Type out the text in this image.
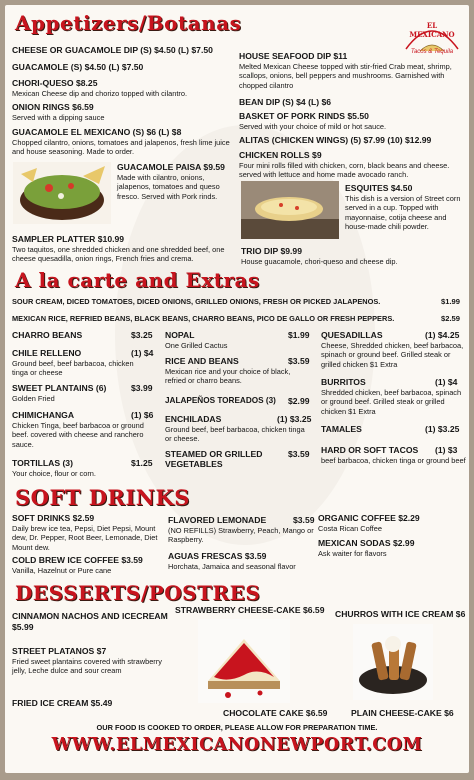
Appetizers/Botanas	EL MEXICANO
Tacos & Tequila
CHEESE OR GUACAMOLE DIP (S) $4.50 (L) $7.50
GUACAMOLE (S) $4.50 (L) $7.50
CHORI-QUESO $8.25
Mexican Cheese dip and chorizo topped with cilantro.
ONION RINGS $6.59
Served with a dipping sauce
GUACAMOLE EL MEXICANO (S) $6 (L) $8
Chopped cilantro, onions, tomatoes and jalapenos, fresh lime juice and house seasoning. Made to order.
GUACAMOLE PAISA $9.59
Made with cilantro, onions, jalapenos, tomatoes and queso fresco. Served with Pork rinds.
SAMPLER PLATTER $10.99
Two taquitos, one shredded chicken and one shredded beef, one cheese quesadilla, onion rings, French fries and crema.
HOUSE SEAFOOD DIP $11
Melted Mexican Cheese topped with stir-fried Crab meat, shrimp, scallops, onions, bell peppers and mushrooms. Garnished with chopped cilantro
BEAN DIP (S) $4 (L) $6
BASKET OF PORK RINDS $5.50
Served with your choice of mild or hot sauce.
ALITAS (CHICKEN WINGS) (5) $7.99 (10) $12.99
CHICKEN ROLLS $9
Four mini rolls filled with chicken, corn, black beans and cheese. served with lettuce and home made avocado ranch.
ESQUITES $4.50
This dish is a version of Street corn served in a cup. Topped with mayonnaise, cotija cheese and house-made chili powder.
TRIO DIP $9.99
House guacamole, chori-queso and cheese dip.
A la carte and Extras
SOUR CREAM, DICED TOMATOES, DICED ONIONS, GRILLED ONIONS, FRESH OR PICKED JALAPENOS.	$1.99
MEXICAN RICE, REFRIED BEANS, BLACK BEANS, CHARRO BEANS, PICO DE GALLO OR FRESH PEPPERS.	$2.59
CHARRO BEANS	$3.25
CHILE RELLENO	(1) $4
Ground beef, beef barbacoa, chicken tinga or cheese
SWEET PLANTAINS (6)	$3.99
Golden Fried
CHIMICHANGA	(1) $6
Chicken Tinga, beef barbacoa or ground beef. covered with cheese and ranchero sauce.
TORTILLAS (3)	$1.25
Your choice, flour or corn.
NOPAL	$1.99
One Grilled Cactus
RICE AND BEANS	$3.59
Mexican rice and your choice of black, refried or charro beans.
JALAPEÑOS TOREADOS (3) $2.99
ENCHILADAS	(1) $3.25
Ground beef, beef barbacoa, chicken tinga or cheese.
STEAMED OR GRILLED VEGETABLES
$3.59
QUESADILLAS	(1) $4.25
Cheese, Shredded chicken, beef barbacoa, spinach or ground beef. Grilled steak or grilled chicken $1 Extra
BURRITOS	(1) $4
Shredded chicken, beef barbacoa, spinach or ground beef. Grilled steak or grilled chicken $1 Extra
TAMALES	(1) $3.25
HARD OR SOFT TACOS (1) $3
beef barbacoa, chicken tinga or ground beef
SOFT DRINKS
SOFT DRINKS $2.59
Daily brew ice tea, Pepsi, Diet Pepsi, Mount dew, Dr. Pepper, Root Beer, Lemonade, Diet Mount dew.
COLD BREW ICE COFFEE $3.59
Vanilla, Hazelnut or Pure cane
FLAVORED LEMONADE	$3.59
(NO REFILLS) Strawberry, Peach, Mango or Raspberry.
AGUAS FRESCAS $3.59
Horchata, Jamaica and seasonal flavor
ORGANIC COFFEE $2.29
Costa Rican Coffee
MEXICAN SODAS $2.99
Ask waiter for flavors
DESSERTS/POSTRES
CINNAMON NACHOS AND ICECREAM
$5.99
STREET PLATANOS $7
Fried sweet plantains covered with strawberry jelly, Leche dulce and sour cream
FRIED ICE CREAM $5.49
STRAWBERRY CHEESE-CAKE $6.59
CHOCOLATE CAKE $6.59
CHURROS WITH ICE CREAM $6
PLAIN CHEESE-CAKE $6
OUR FOOD IS COOKED TO ORDER, PLEASE ALLOW FOR PREPARATION TIME.
WWW.ELMEXICANONEWPORT.COM
